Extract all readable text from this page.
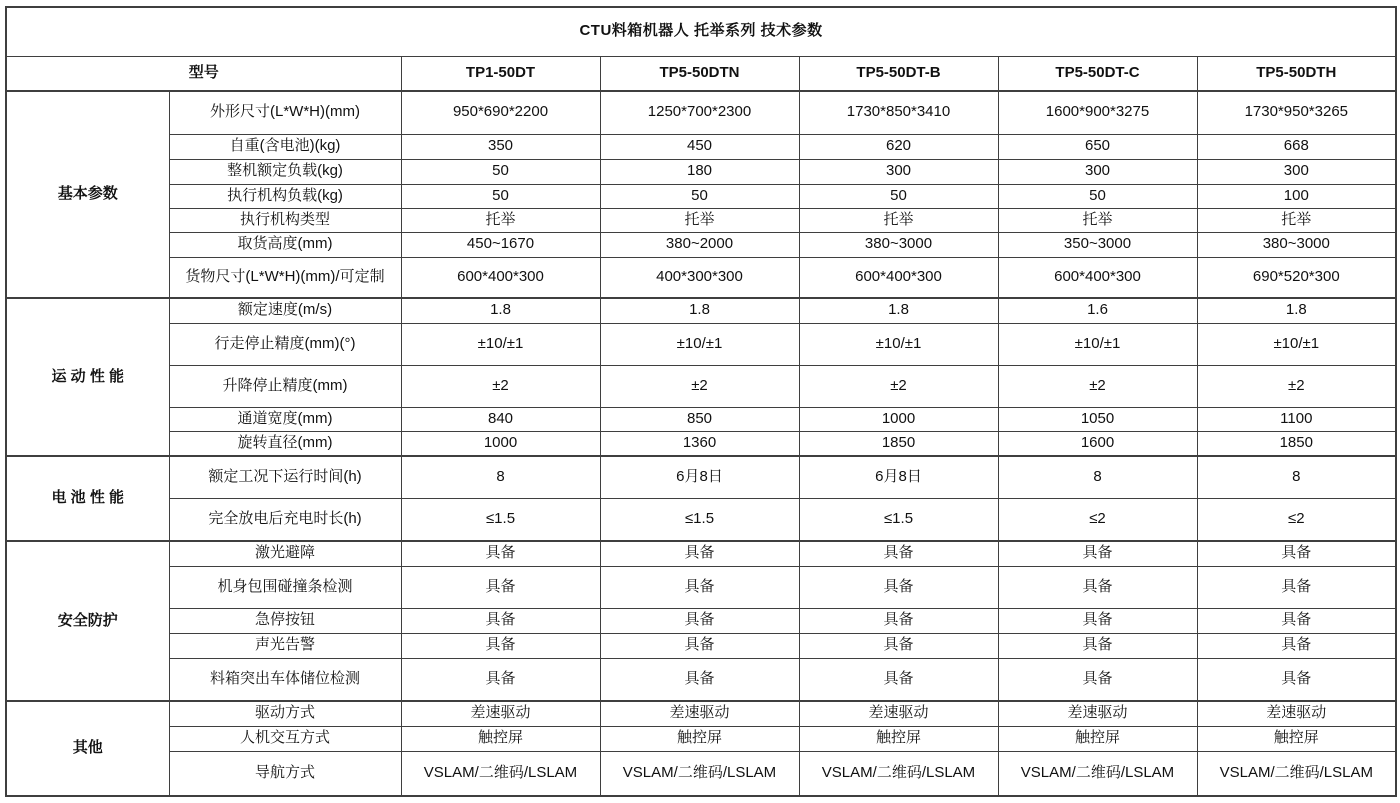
CTU料箱机器人 托举系列 技术参数						
型号		TP1-50DT	TP5-50DTN	TP5-50DT-B	TP5-50DT-C	TP5-50DTH
基本参数	外形尺寸(L*W*H)(mm)	950*690*2200	1250*700*2300	1730*850*3410	1600*900*3275	1730*950*3265
	自重(含电池)(kg)	350	450	620	650	668
	整机额定负载(kg)	50	180	300	300	300
	执行机构负载(kg)	50	50	50	50	100
	执行机构类型	托举	托举	托举	托举	托举
	取货高度(mm)	450~1670	380~2000	380~3000	350~3000	380~3000
	货物尺寸(L*W*H)(mm)/可定制	600*400*300	400*300*300	600*400*300	600*400*300	690*520*300
运 动 性 能	额定速度(m/s)	1.8	1.8	1.8	1.6	1.8
	行走停止精度(mm)(°)	±10/±1	±10/±1	±10/±1	±10/±1	±10/±1
	升降停止精度(mm)	±2	±2	±2	±2	±2
	通道宽度(mm)	840	850	1000	1050	1100
	旋转直径(mm)	1000	1360	1850	1600	1850
电 池 性 能	额定工况下运行时间(h)	8	6月8日	6月8日	8	8
	完全放电后充电时长(h)	≤1.5	≤1.5	≤1.5	≤2	≤2
安全防护	激光避障	具备	具备	具备	具备	具备
	机身包围碰撞条检测	具备	具备	具备	具备	具备
	急停按钮	具备	具备	具备	具备	具备
	声光告警	具备	具备	具备	具备	具备
	料箱突出车体储位检测	具备	具备	具备	具备	具备
其他	驱动方式	差速驱动	差速驱动	差速驱动	差速驱动	差速驱动
	人机交互方式	触控屏	触控屏	触控屏	触控屏	触控屏
	导航方式	VSLAM/二维码/LSLAM	VSLAM/二维码/LSLAM	VSLAM/二维码/LSLAM	VSLAM/二维码/LSLAM	VSLAM/二维码/LSLAM
